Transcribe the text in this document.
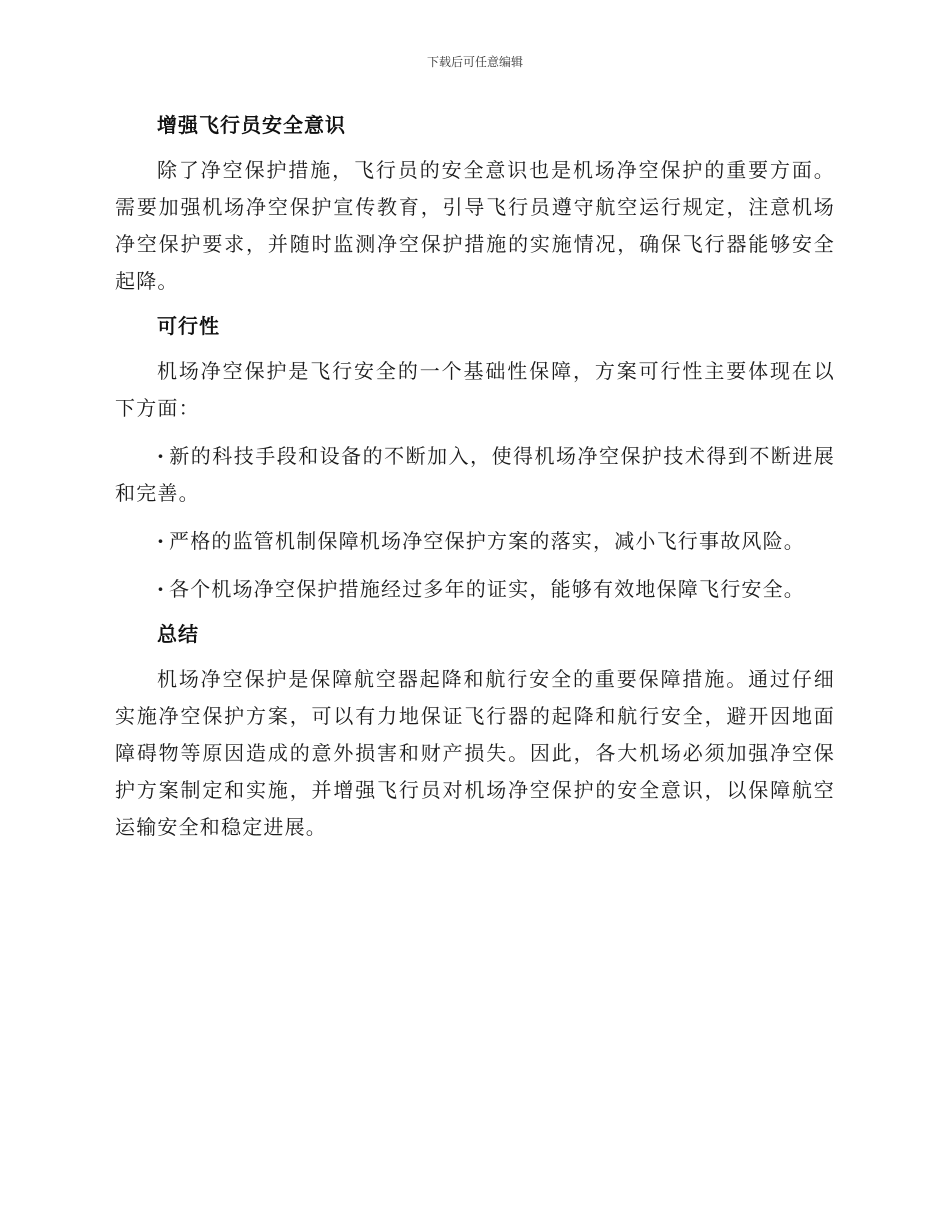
下载后可任意编辑
增强飞行员安全意识

除了净空保护措施，飞行员的安全意识也是机场净空保护的重要方面。需要加强机场净空保护宣传教育，引导飞行员遵守航空运行规定，注意机场净空保护要求，并随时监测净空保护措施的实施情况，确保飞行器能够安全起降。

可行性

机场净空保护是飞行安全的一个基础性保障，方案可行性主要体现在以下方面：

· 新的科技手段和设备的不断加入，使得机场净空保护技术得到不断进展和完善。

· 严格的监管机制保障机场净空保护方案的落实，减小飞行事故风险。

· 各个机场净空保护措施经过多年的证实，能够有效地保障飞行安全。

总结

机场净空保护是保障航空器起降和航行安全的重要保障措施。通过仔细实施净空保护方案，可以有力地保证飞行器的起降和航行安全，避开因地面障碍物等原因造成的意外损害和财产损失。因此，各大机场必须加强净空保护方案制定和实施，并增强飞行员对机场净空保护的安全意识，以保障航空运输安全和稳定进展。
